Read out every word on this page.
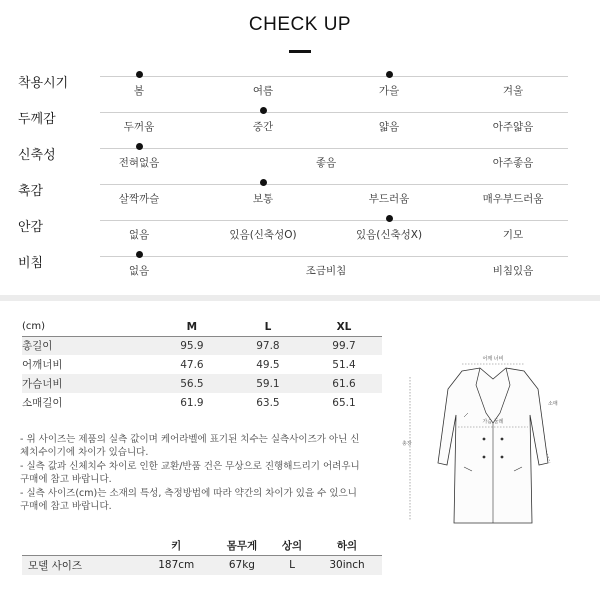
CHECK UP
착용시기	봄	여름	가을	겨울
두께감	두꺼움	중간	얇음	아주얇음
신축성	전혀없음	좋음	아주좋음
촉감	살짝까슬	보통	부드러움	매우부드러움
안감	없음	있음(신축성O)	있음(신축성X)	기모
비침	없음	조금비침	비침있음
(cm)	M	L	XL
총길이	95.9	97.8	99.7
어깨너비	47.6	49.5	51.4
가슴너비	56.5	59.1	61.6
소매길이	61.9	63.5	65.1

- 위 사이즈는 제품의 실측 값이며 케어라벨에 표기된 치수는 실측사이즈가 아닌 신체치수이기에 차이가 있습니다.

- 실측 값과 신체치수 차이로 인한 교환/반품 건은 무상으로 진행해드리기 어려우니 구매에 참고 바랍니다.

- 실측 사이즈(cm)는 소재의 특성, 측정방법에 따라 약간의 차이가 있을 수 있으니 구매에 참고 바랍니다.

	키	몸무게	상의	하의
모델 사이즈	187cm	67kg	L	30inch
어깨 너비
총장
소매
가슴 둘레
